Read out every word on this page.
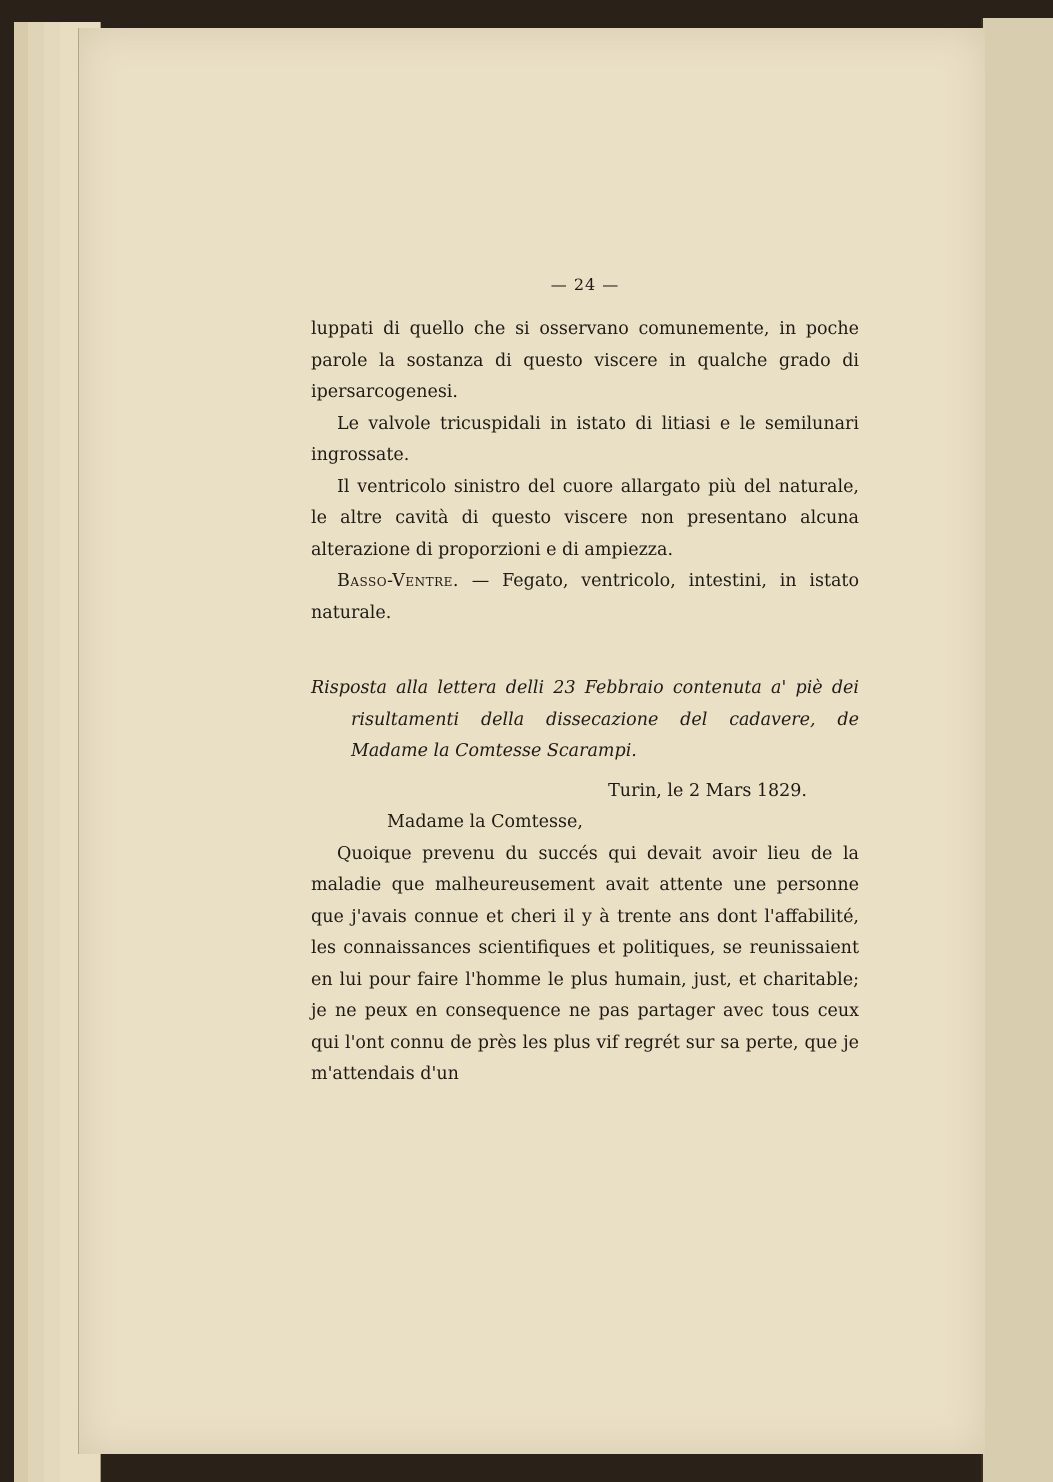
— 24 —

luppati di quello che si osservano comunemente, in poche parole la sostanza di questo viscere in qualche grado di ipersarcogenesi.

Le valvole tricuspidali in istato di litiasi e le semilunari ingrossate.

Il ventricolo sinistro del cuore allargato più del naturale, le altre cavità di questo viscere non presentano alcuna alterazione di proporzioni e di ampiezza.

Basso-Ventre. — Fegato, ventricolo, intestini, in istato naturale.

Risposta alla lettera delli 23 Febbraio contenuta a' piè dei risultamenti della dissecazione del cadavere, de Madame la Comtesse Scarampi.

Turin, le 2 Mars 1829.

Madame la Comtesse,

Quoique prevenu du succés qui devait avoir lieu de la maladie que malheureusement avait attente une personne que j'avais connue et cheri il y à trente ans dont l'affabilité, les connaissances scientifiques et politiques, se reunissaient en lui pour faire l'homme le plus humain, just, et charitable; je ne peux en consequence ne pas partager avec tous ceux qui l'ont connu de près les plus vif regrét sur sa perte, que je m'attendais d'un
